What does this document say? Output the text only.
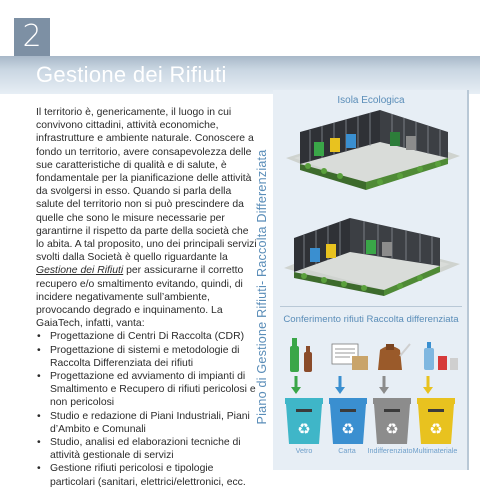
2
Gestione dei Rifiuti

Il territorio è, genericamente, il luogo in cui convivono cittadini, attività economiche, infrastrutture e ambiente naturale. Conoscere a fondo un territorio, avere consapevolezza delle sue caratteristiche di qualità e di salute, è fondamentale per la pianificazione delle attività da svolgersi in esso. Quando si parla della salute del territorio non si può prescindere da quelle che sono le misure necessarie per garantirne il rispetto da parte della società che lo abita. A tal proposito, uno dei principali servizi svolti dalla Società è quello riguardante la Gestione dei Rifiuti per assicurarne il corretto recupero e/o smaltimento evitando, quindi, di incidere negativamente sull’ambiente, provocando degrado e inquinamento. La GaiaTech, infatti, vanta:

• Progettazione di Centri Di Raccolta (CDR)
• Progettazione di sistemi e metodologie di Raccolta Differenziata dei rifiuti
• Progettazione ed avviamento di impianti di Smaltimento e Recupero di rifiuti pericolosi e non pericolosi
• Studio e redazione di Piani Industriali, Piani d’Ambito e Comunali
• Studio, analisi ed elaborazioni tecniche di attività gestionale di servizi
• Gestione rifiuti pericolosi e tipologie particolari (sanitari, elettrici/elettronici, ecc.
Piano di Gestione Rifiuti- Raccolta Differenziata
Isola Ecologica
Conferimento rifiuti Raccolta differenziata
♻ ♻ ♻ ♻
Vetro	Carta	Indifferenziato Multimateriale
